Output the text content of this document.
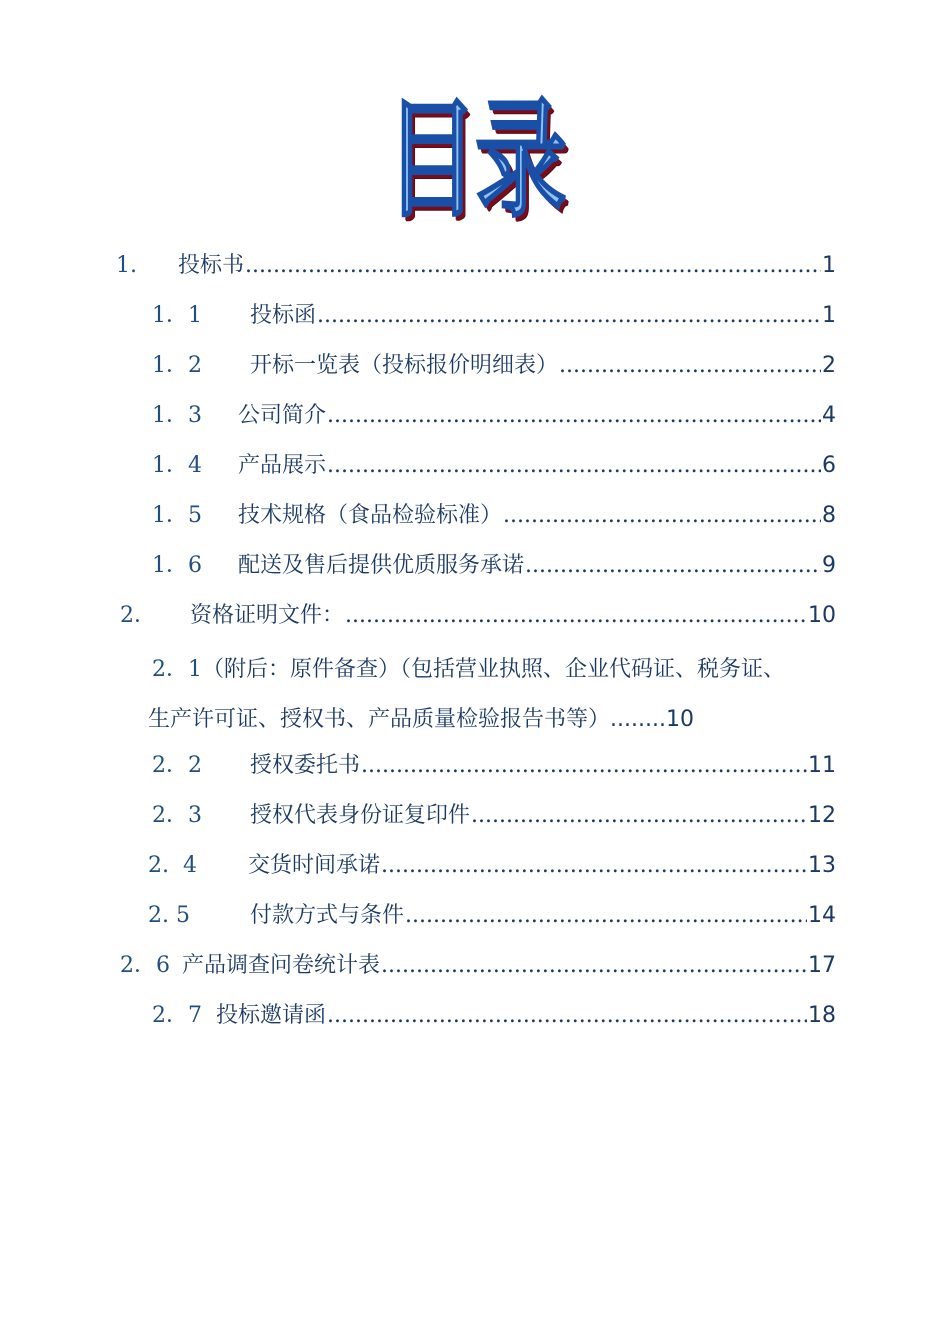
目录
1.	投标书 .....	1
1．1	投标函 .....	1
1．2	开标一览表（投标报价明细表） .....	2
1．3	公司简介 .....	4
1．4	产品展示 .....	6
1．5	技术规格（食品检验标准） .....	8
1．6	配送及售后提供优质服务承诺 .....	9
2．	资格证明文件： .....	10
2．1（附后：原件备查）（包括营业执照、企业代码证、税务证、
生产许可证、授权书、产品质量检验报告书等） ........ 10
2．2	授权委托书 .....	11
2．3	授权代表身份证复印件 .....	12
2.  4	交货时间承诺 .....	13
2. 5	付款方式与条件 .....	14
2．6 产品调查问卷统计表 .....	17
2．7 投标邀请函 .....	18
